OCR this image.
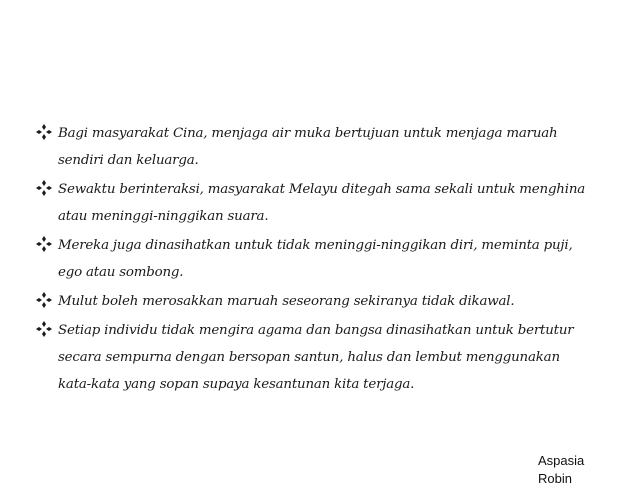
Bagi masyarakat Cina, menjaga air muka bertujuan untuk menjaga maruah sendiri dan keluarga.
Sewaktu berinteraksi, masyarakat Melayu ditegah sama sekali untuk menghina atau meninggi-ninggikan suara.
Mereka juga dinasihatkan untuk tidak meninggi-ninggikan diri, meminta puji, ego atau sombong.
Mulut boleh merosakkan maruah seseorang sekiranya tidak dikawal.
Setiap individu tidak mengira agama dan bangsa dinasihatkan untuk bertutur secara sempurna dengan bersopan santun, halus dan lembut menggunakan kata-kata yang sopan supaya kesantunan kita terjaga.
Aspasia
Robin
